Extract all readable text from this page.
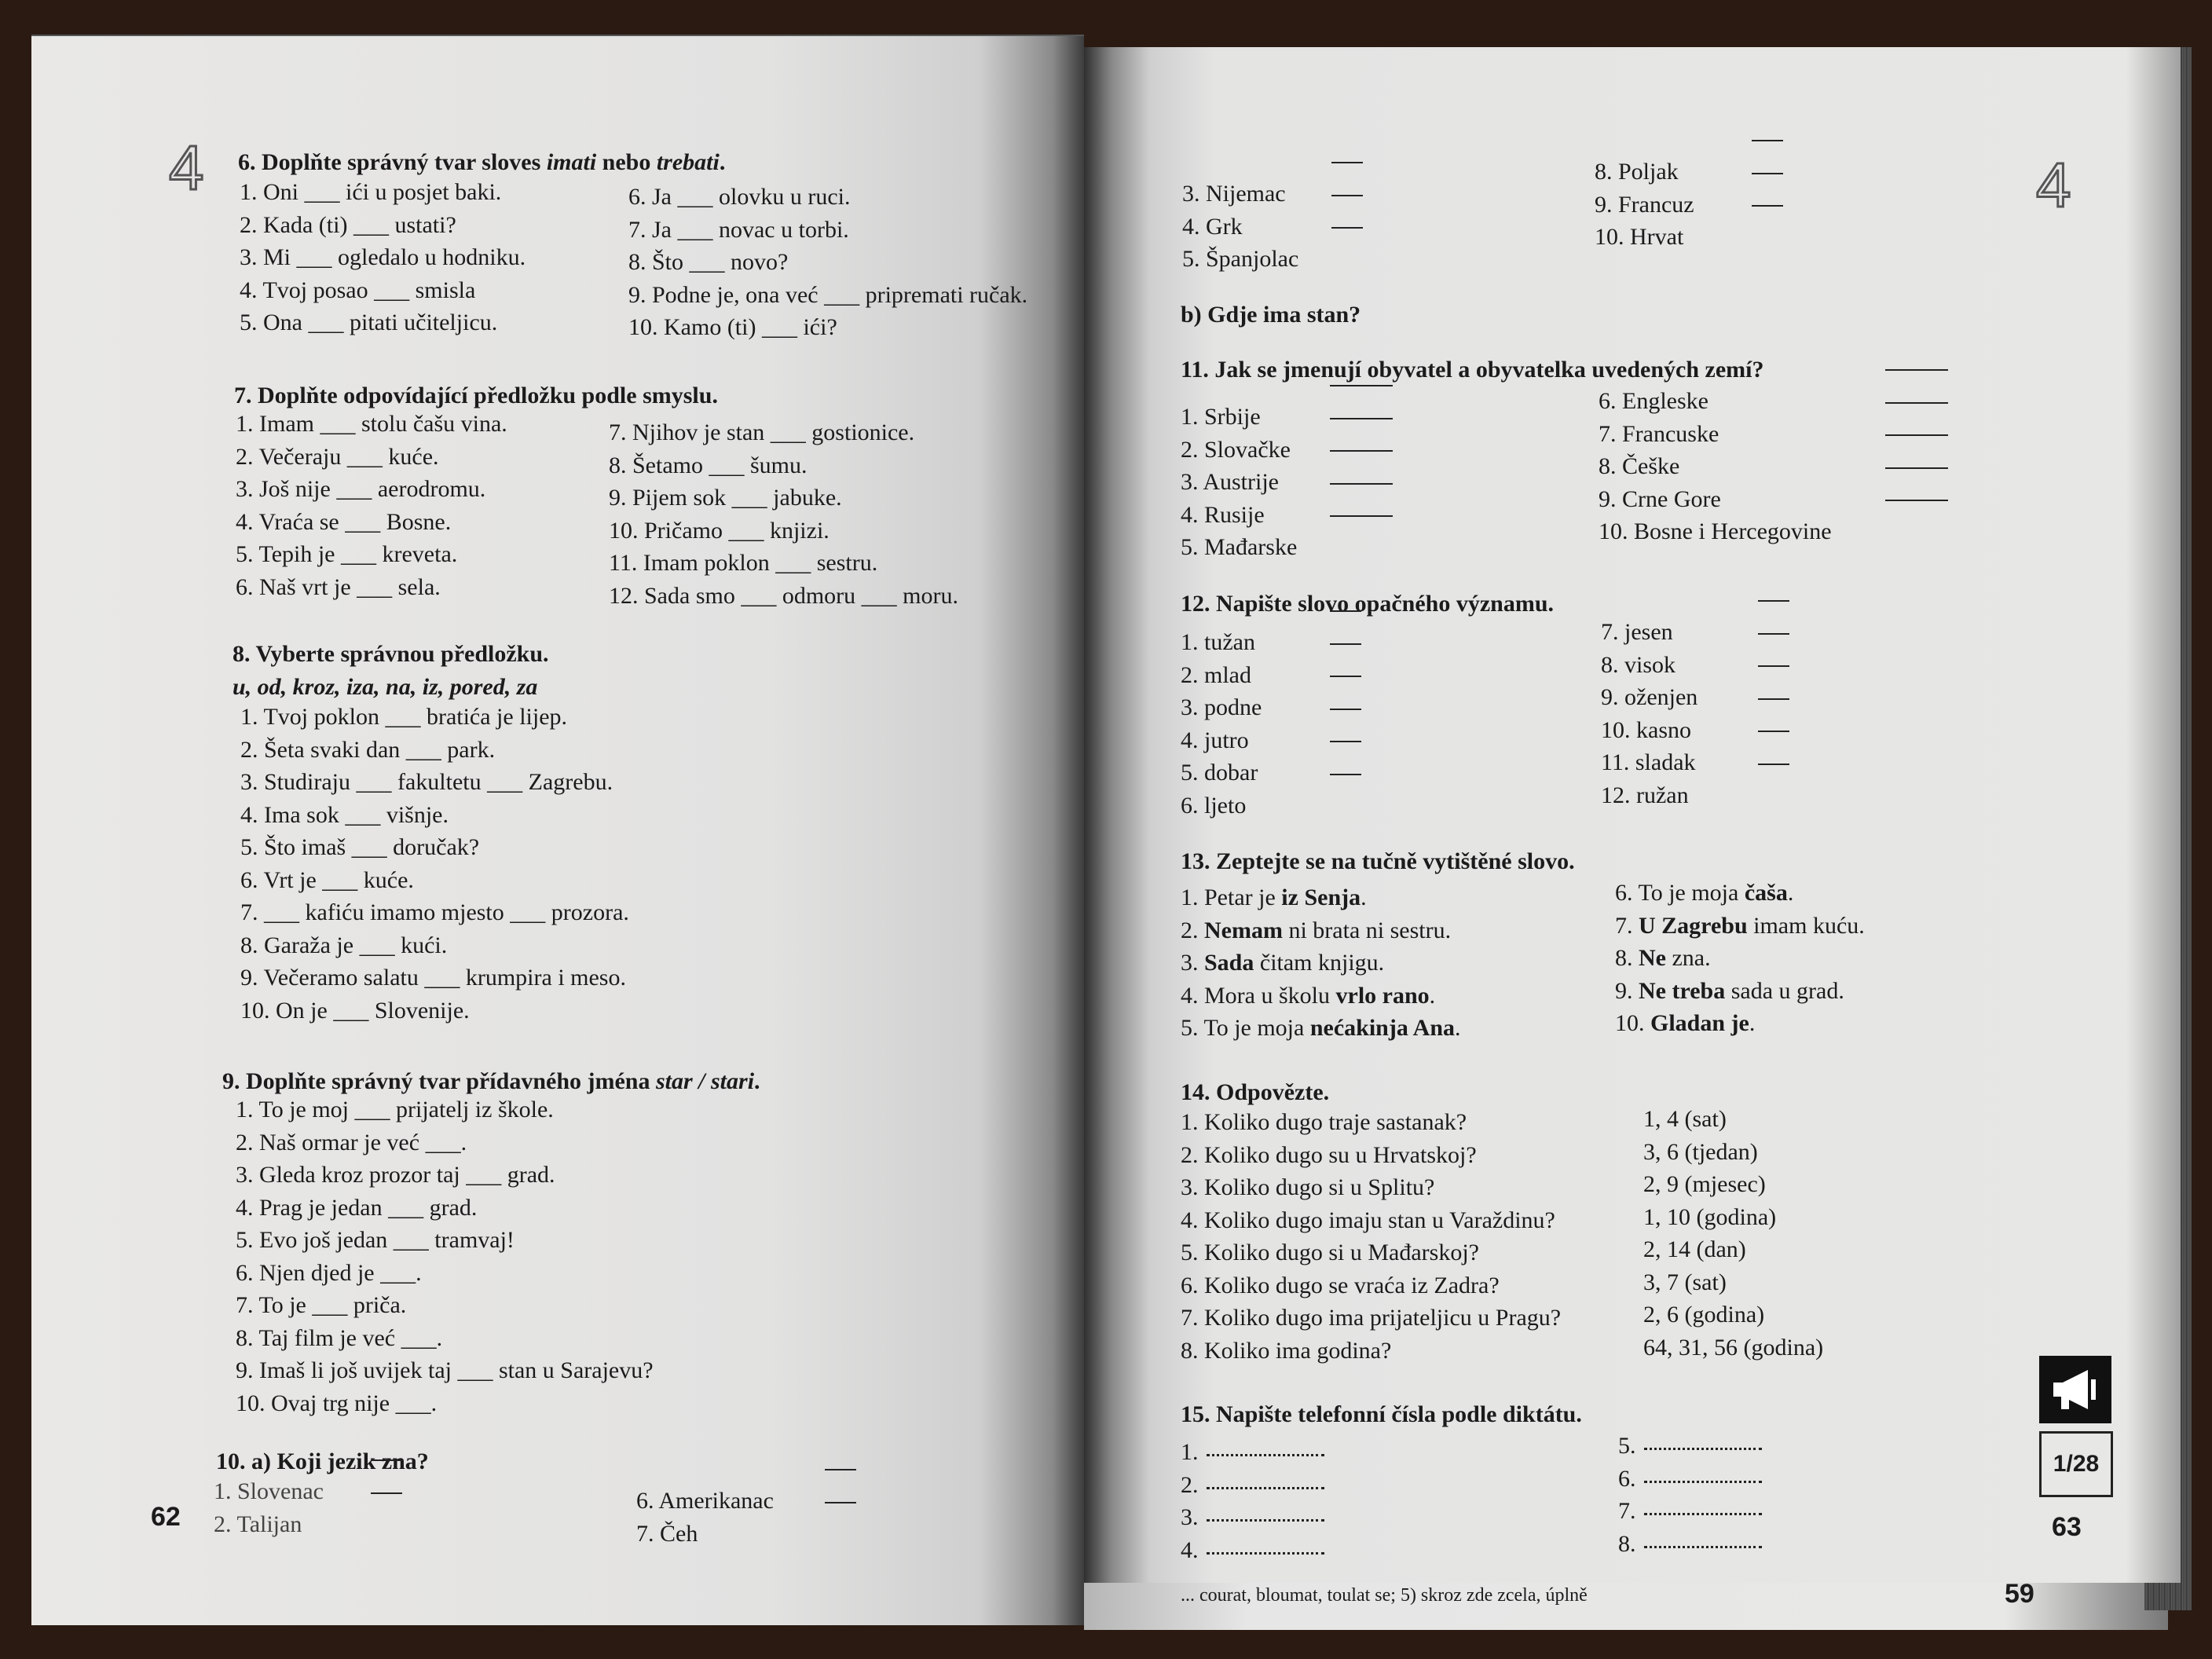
4 6. Doplňte správný tvar sloves imati nebo trebati.
1. Oni ___ ići u posjet baki.
2. Kada (ti) ___ ustati?
3. Mi ___ ogledalo u hodniku.
4. Tvoj posao ___ smisla
5. Ona ___ pitati učiteljicu.
6. Ja ___ olovku u ruci.
7. Ja ___ novac u torbi.
8. Što ___ novo?
9. Podne je, ona već ___ pripremati ručak.
10. Kamo (ti) ___ ići?
7. Doplňte odpovídající předložku podle smyslu.
1. Imam ___ stolu čašu vina.
2. Večeraju ___ kuće.
3. Još nije ___ aerodromu.
4. Vraća se ___ Bosne.
5. Tepih je ___ kreveta.
6. Naš vrt je ___ sela.
7. Njihov je stan ___ gostionice.
8. Šetamo ___ šumu.
9. Pijem sok ___ jabuke.
10. Pričamo ___ knjizi.
11. Imam poklon ___ sestru.
12. Sada smo ___ odmoru ___ moru.
8. Vyberte správnou předložku.
u, od, kroz, iza, na, iz, pored, za
1. Tvoj poklon ___ bratića je lijep.
2. Šeta svaki dan ___ park.
3. Studiraju ___ fakultetu ___ Zagrebu.
4. Ima sok ___ višnje.
5. Što imaš ___ doručak?
6. Vrt je ___ kuće.
7. ___ kafiću imamo mjesto ___ prozora.
8. Garaža je ___ kući.
9. Večeramo salatu ___ krumpira i meso.
10. On je ___ Slovenije.
9. Doplňte správný tvar přídavného jména star / stari.
1. To je moj ___ prijatelj iz škole.
2. Naš ormar je već ___.
3. Gleda kroz prozor taj ___ grad.
4. Prag je jedan ___ grad.
5. Evo još jedan ___ tramvaj!
6. Njen djed je ___.
7. To je ___ priča.
8. Taj film je već ___.
9. Imaš li još uvijek taj ___ stan u Sarajevu?
10. Ovaj trg nije ___.
10. a) Koji jezik zna?
1. Slovenac
2. Talijan
6. Amerikanac
7. Čeh
62
4
3. Nijemac
4. Grk
5. Španjolac
8. Poljak
9. Francuz
10. Hrvat
b) Gdje ima stan?
11. Jak se jmenují obyvatel a obyvatelka uvedených zemí?
1. Srbije
2. Slovačke
3. Austrije
4. Rusije
5. Mađarske
6. Engleske
7. Francuske
8. Češke
9. Crne Gore
10. Bosne i Hercegovine
12. Napište slovo opačného významu.
1. tužan
2. mlad
3. podne
4. jutro
5. dobar
6. ljeto
7. jesen
8. visok
9. oženjen
10. kasno
11. sladak
12. ružan
13. Zeptejte se na tučně vytištěné slovo.
1. Petar je iz Senja.
2. Nemam ni brata ni sestru.
3. Sada čitam knjigu.
4. Mora u školu vrlo rano.
5. To je moja nećakinja Ana.
6. To je moja čaša.
7. U Zagrebu imam kuću.
8. Ne zna.
9. Ne treba sada u grad.
10. Gladan je.
14. Odpovězte.
1. Koliko dugo traje sastanak?
2. Koliko dugo su u Hrvatskoj?
3. Koliko dugo si u Splitu?
4. Koliko dugo imaju stan u Varaždinu?
5. Koliko dugo si u Mađarskoj?
6. Koliko dugo se vraća iz Zadra?
7. Koliko dugo ima prijateljicu u Pragu?
8. Koliko ima godina?
1, 4 (sat)
3, 6 (tjedan)
2, 9 (mjesec)
1, 10 (godina)
2, 14 (dan)
3, 7 (sat)
2, 6 (godina)
64, 31, 56 (godina)
15. Napište telefonní čísla podle diktátu.
1.
2.
3.
4.
5.
6.
7.
8.
1/28
63
... courat, bloumat, toulat se; 5) skroz zde zcela, úplně	59
